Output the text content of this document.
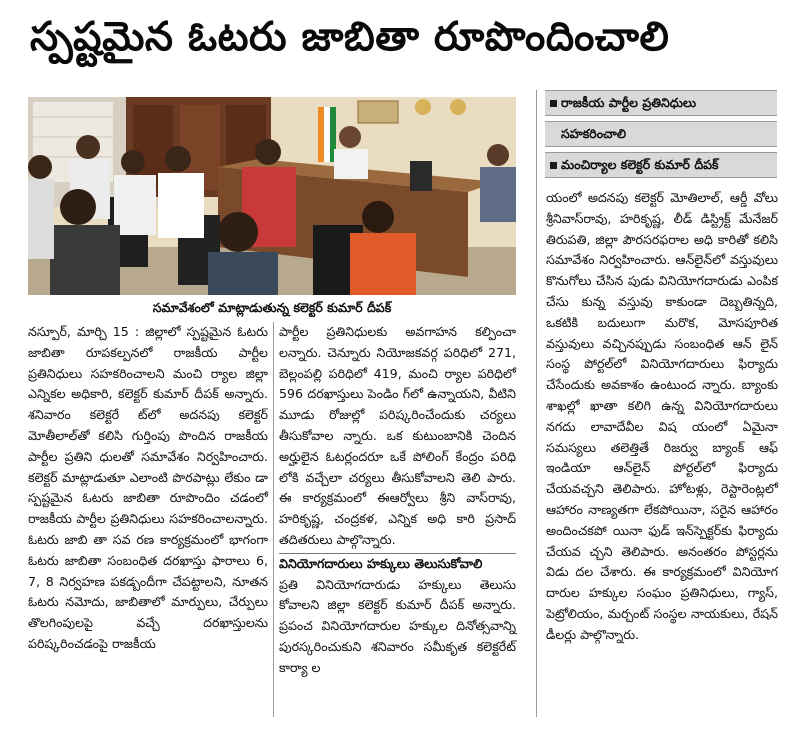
స్పష్టమైన ఓటరు జాబితా రూపొందించాలి
సమావేశంలో మాట్లాడుతున్న కలెక్టర్ కుమార్ దీపక్
రాజకీయ పార్టీల ప్రతినిధులు
సహకరించాలి
మంచిర్యాల కలెక్టర్ కుమార్ దీపక్

నస్పూర్, మార్చి 15 : జిల్లాలో స్పష్టమైన ఓటరు జాబితా రూపకల్పనలో రాజకీయ పార్టీల ప్రతినిధులు సహకరించాలని మంచి ర్యాల జిల్లా ఎన్నికల అధికారి, కలెక్టర్ కుమార్ దీపక్ అన్నారు. శనివారం కలెక్టరే ట్‌లో అదనపు కలెక్టర్ మోతీలాల్‌తో కలిసి గుర్తింపు పొందిన రాజకీయ పార్టీల ప్రతిని ధులతో సమావేశం నిర్వహించారు. కలెక్టర్ మాట్లాడుతూ ఎలాంటి పొరపాట్లు లేకుం డా స్పష్టమైన ఓటరు జాబితా రూపొందిం చడంలో రాజకీయ పార్టీల ప్రతినిధులు సహకరించాలన్నారు. ఓటరు జాబి తా సవ రణ కార్యక్రమంలో భాగంగా ఓటరు జాబితా సంబంధిత దరఖాస్తు ఫారాలు 6, 7, 8 నిర్వహణ పకడ్బందీగా చేపట్టాలని, నూతన ఓటరు నమోదు, జాబితాలో మార్పులు, చేర్పులు తొలగింపులపై వచ్చే దరఖాస్తులను పరిష్కరించడంపై రాజకీయ

పార్టీల ప్రతినిధులకు అవగాహన కల్పించా లన్నారు. చెన్నూరు నియోజకవర్గ పరిధిలో 271, బెల్లంపల్లి పరిధిలో 419, మంచి ర్యాల పరిధిలో 596 దరఖాస్తులు పెండిం గ్‌లో ఉన్నాయని, వీటిని మూడు రోజుల్లో పరిష్కరించేందుకు చర్యలు తీసుకోవాల న్నారు. ఒక కుటుంబానికి చెందిన అర్హులైన ఓటర్లందరూ ఒకే పోలింగ్ కేంద్రం పరిధి లోకి వచ్చేలా చర్యలు తీసుకోవాలని తెలి పారు. ఈ కార్యక్రమంలో ఈఆర్వోలు శ్రీని వాస్‌రావు, హరికృష్ణ, చంద్రకళ, ఎన్నిక అధి కారి ప్రసాద్ తదితరులు పాల్గొన్నారు.

వినియోగదారులు హక్కులు తెలుసుకోవాలి

ప్రతి వినియోగదారుడు హక్కులు తెలుసు కోవాలని జిల్లా కలెక్టర్ కుమార్ దీపక్ అన్నారు. ప్రపంచ వినియోగదారుల హక్కుల దినోత్సవాన్ని పురస్కరించుకుని శనివారం సమీకృత కలెక్టరేట్ కార్యా ల

యంలో అదనపు కలెక్టర్ మోతిలాల్, ఆర్డీ వోలు శ్రీనివాస్‌రావు, హరికృష్ణ, లీడ్ డిస్ట్రిక్ట్ మేనేజర్ తిరుపతి, జిల్లా పౌరసరఫరాల అధి కారితో కలిసి సమావేశం నిర్వహించారు. ఆన్‌లైన్‌లో వస్తువులు కొనుగోలు చేసిన పుడు వినియోగదారుడు ఎంపిక చేసు కున్న వస్తువు కాకుండా దెబ్బతిన్నది, ఒకటికి బదులుగా మరొక, మోసపూరిత వస్తువులు వచ్చినప్పుడు సంబంధిత ఆన్ లైన్ సంస్థ పోర్టల్‌లో వినియోగదారులు ఫిర్యాదు చేసేందుకు అవకాశం ఉంటుంద న్నారు. బ్యాంకు శాఖల్లో ఖాతా కలిగి ఉన్న వినియోగదారులు నగదు లావాదేవీల విష యంలో ఏమైనా సమస్యలు తలెత్తితే రిజర్వు బ్యాంక్ ఆఫ్ ఇండియా ఆన్‌లైన్ పోర్టల్‌లో ఫిర్యాదు చేయవచ్చని తెలిపారు. హోటళ్లు, రెస్టారెంట్లలో ఆహారం నాణ్యతగా లేకపోయినా, సరైన ఆహారం అందించకపో యినా ఫుడ్ ఇన్‌స్పెక్టర్‌కు ఫిర్యాదు చేయవ చ్చని తెలిపారు. అనంతరం పోస్టర్లను విడు దల చేశారు. ఈ కార్యక్రమంలో వినియోగ దారుల హక్కుల సంఘం ప్రతినిధులు, గ్యాస్, పెట్రోలియం, మర్చంట్ సంస్థల నాయకులు, రేషన్ డీలర్లు పాల్గొన్నారు.
